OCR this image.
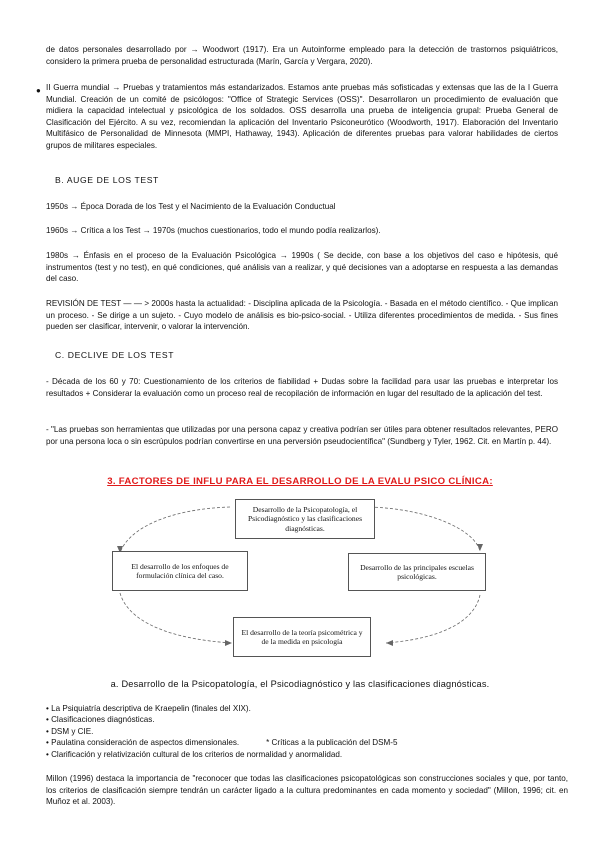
de datos personales desarrollado por → Woodwort (1917). Era un Autoinforme empleado para la detección de trastornos psiquiátricos, considero la primera prueba de personalidad estructurada (Marín, García y Vergara, 2020).

● II Guerra mundial → Pruebas y tratamientos más estandarizados. Estamos ante pruebas más sofisticadas y extensas que las de la I Guerra Mundial. Creación de un comité de psicólogos: "Office of Strategic Services (OSS)". Desarrollaron un procedimiento de evaluación que midiera la capacidad intelectual y psicológica de los soldados. OSS desarrolla una prueba de inteligencia grupal: Prueba General de Clasificación del Ejército. A su vez, recomiendan la aplicación del Inventario Psiconeurótico (Woodworth, 1917). Elaboración del Inventario Multifásico de Personalidad de Minnesota (MMPI, Hathaway, 1943). Aplicación de diferentes pruebas para valorar habilidades de ciertos grupos de militares especiales.

B. AUGE DE LOS TEST

1950s → Época Dorada de los Test y el Nacimiento de la Evaluación Conductual

1960s → Crítica a los Test → 1970s (muchos cuestionarios, todo el mundo podía realizarlos).

1980s → Énfasis en el proceso de la Evaluación Psicológica → 1990s ( Se decide, con base a los objetivos del caso e hipótesis, qué instrumentos (test y no test), en qué condiciones, qué análisis van a realizar, y qué decisiones van a adoptarse en respuesta a las demandas del caso.

REVISIÓN DE TEST — — > 2000s hasta la actualidad: - Disciplina aplicada de la Psicología. - Basada en el método científico. - Que implican un proceso. - Se dirige a un sujeto. - Cuyo modelo de análisis es bio-psico-social. - Utiliza diferentes procedimientos de medida. - Sus fines pueden ser clasificar, intervenir, o valorar la intervención.

C. DECLIVE DE LOS TEST

- Década de los 60 y 70: Cuestionamiento de los criterios de fiabilidad + Dudas sobre la facilidad para usar las pruebas e interpretar los resultados + Considerar la evaluación como un proceso real de recopilación de información en lugar del resultado de la aplicación del test.

- "Las pruebas son herramientas que utilizadas por una persona capaz y creativa podrían ser útiles para obtener resultados relevantes, PERO por una persona loca o sin escrúpulos podrían convertirse en una perversión pseudocientífica" (Sundberg y Tyler, 1962. Cit. en Martín p. 44).

3. FACTORES DE INFLU PARA EL DESARROLLO DE LA EVALU PSICO CLÍNICA:

Desarrollo de la Psicopatología, el Psicodiagnóstico y las clasificaciones diagnósticas.
Desarrollo de las principales escuelas psicológicas.
El desarrollo de la teoría psicométrica y de la medida en psicología
El desarrollo de los enfoques de formulación clínica del caso.

a. Desarrollo de la Psicopatología, el Psicodiagnóstico y las clasificaciones diagnósticas.

• La Psiquiatría descriptiva de Kraepelin (finales del XIX).
• Clasificaciones diagnósticas.
• DSM y CIE.
• Paulatina consideración de aspectos dimensionales.            * Críticas a la publicación del DSM-5
• Clarificación y relativización cultural de los criterios de normalidad y anormalidad.

Millon (1996) destaca la importancia de "reconocer que todas las clasificaciones psicopatológicas son construcciones sociales y que, por tanto, los criterios de clasificación siempre tendrán un carácter ligado a la cultura predominantes en cada momento y sociedad" (Millon, 1996; cit. en Muñoz et al. 2003).
